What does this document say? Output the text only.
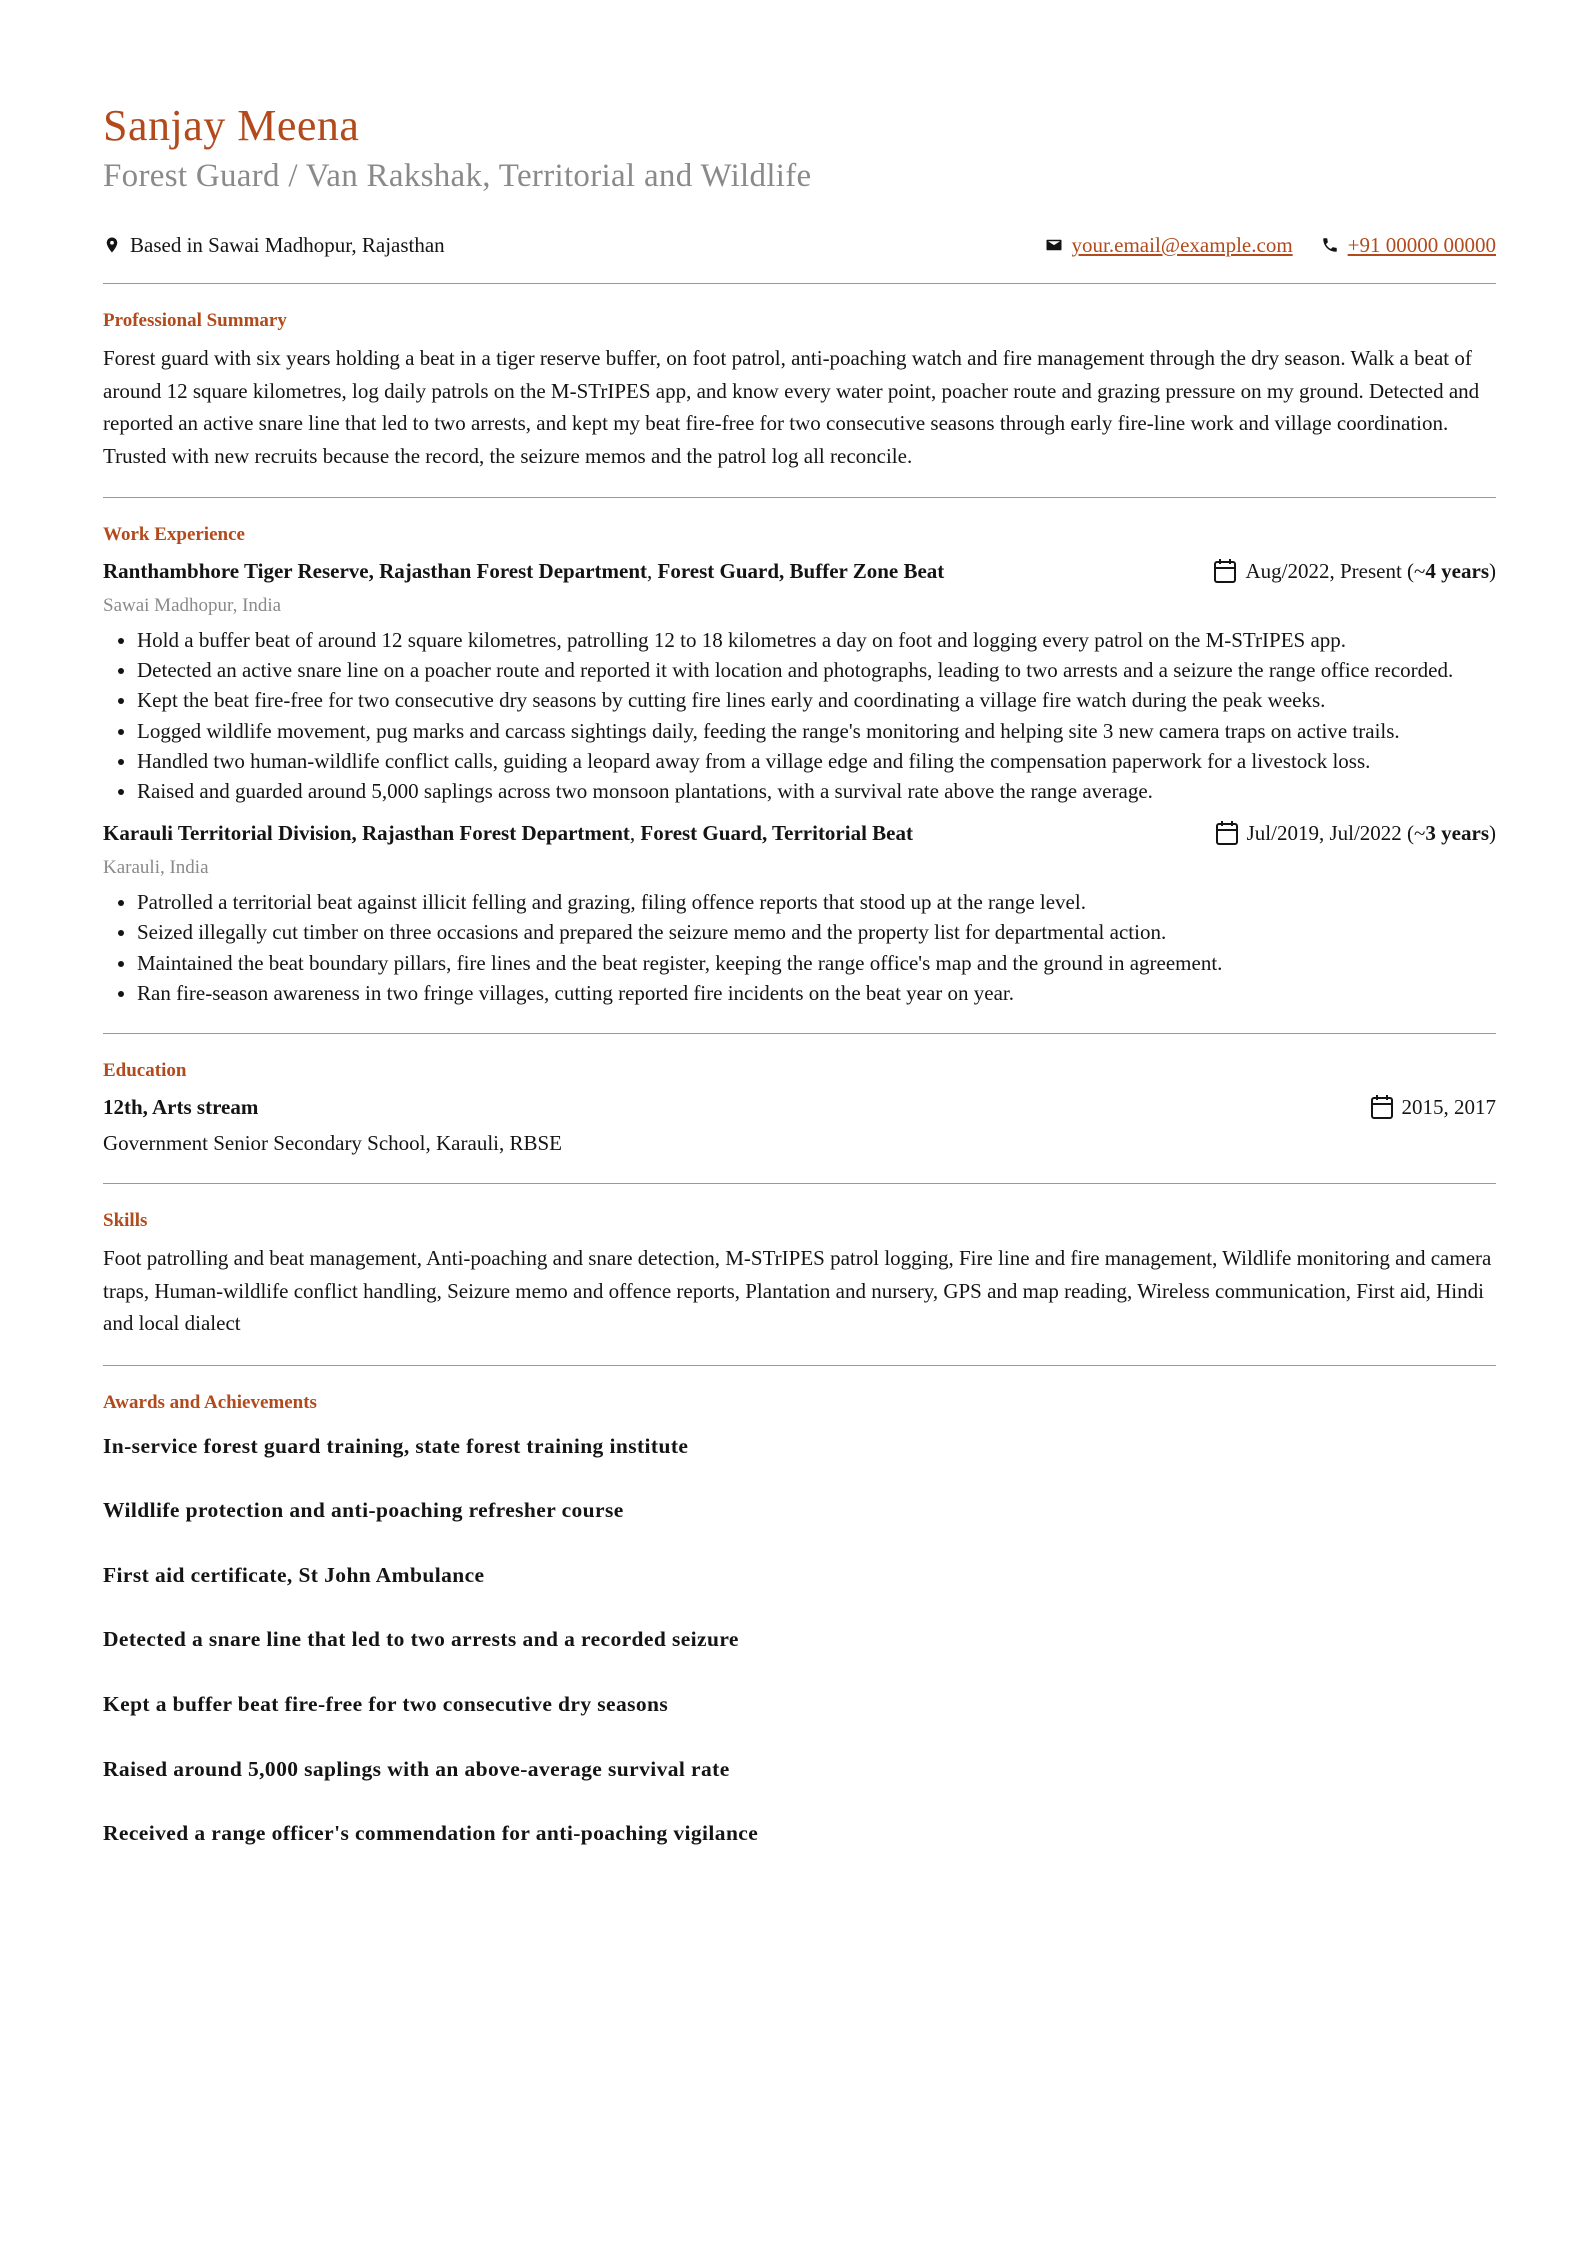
Sanjay Meena
Forest Guard / Van Rakshak, Territorial and Wildlife
Based in Sawai Madhopur, Rajasthan	your.email@example.com	+91 00000 00000
Professional Summary

Forest guard with six years holding a beat in a tiger reserve buffer, on foot patrol, anti-poaching watch and fire management through the dry season. Walk a beat of around 12 square kilometres, log daily patrols on the M-STrIPES app, and know every water point, poacher route and grazing pressure on my ground. Detected and reported an active snare line that led to two arrests, and kept my beat fire-free for two consecutive seasons through early fire-line work and village coordination. Trusted with new recruits because the record, the seizure memos and the patrol log all reconcile.

Work Experience
Ranthambhore Tiger Reserve, Rajasthan Forest Department, Forest Guard, Buffer Zone Beat	Aug/2022, Present (~ 4 years )
Sawai Madhopur, India
• Hold a buffer beat of around 12 square kilometres, patrolling 12 to 18 kilometres a day on foot and logging every patrol on the M-STrIPES app.
• Detected an active snare line on a poacher route and reported it with location and photographs, leading to two arrests and a seizure the range office recorded.
• Kept the beat fire-free for two consecutive dry seasons by cutting fire lines early and coordinating a village fire watch during the peak weeks.
• Logged wildlife movement, pug marks and carcass sightings daily, feeding the range's monitoring and helping site 3 new camera traps on active trails.
• Handled two human-wildlife conflict calls, guiding a leopard away from a village edge and filing the compensation paperwork for a livestock loss.
• Raised and guarded around 5,000 saplings across two monsoon plantations, with a survival rate above the range average.
Karauli Territorial Division, Rajasthan Forest Department, Forest Guard, Territorial Beat	Jul/2019, Jul/2022 (~ 3 years )
Karauli, India
• Patrolled a territorial beat against illicit felling and grazing, filing offence reports that stood up at the range level.
• Seized illegally cut timber on three occasions and prepared the seizure memo and the property list for departmental action.
• Maintained the beat boundary pillars, fire lines and the beat register, keeping the range office's map and the ground in agreement.
• Ran fire-season awareness in two fringe villages, cutting reported fire incidents on the beat year on year.
Education
12th, Arts stream	2015, 2017
Government Senior Secondary School, Karauli, RBSE
Skills

Foot patrolling and beat management, Anti-poaching and snare detection, M-STrIPES patrol logging, Fire line and fire management, Wildlife monitoring and camera traps, Human-wildlife conflict handling, Seizure memo and offence reports, Plantation and nursery, GPS and map reading, Wireless communication, First aid, Hindi and local dialect

Awards and Achievements

In-service forest guard training, state forest training institute

Wildlife protection and anti-poaching refresher course

First aid certificate, St John Ambulance

Detected a snare line that led to two arrests and a recorded seizure

Kept a buffer beat fire-free for two consecutive dry seasons

Raised around 5,000 saplings with an above-average survival rate

Received a range officer's commendation for anti-poaching vigilance
